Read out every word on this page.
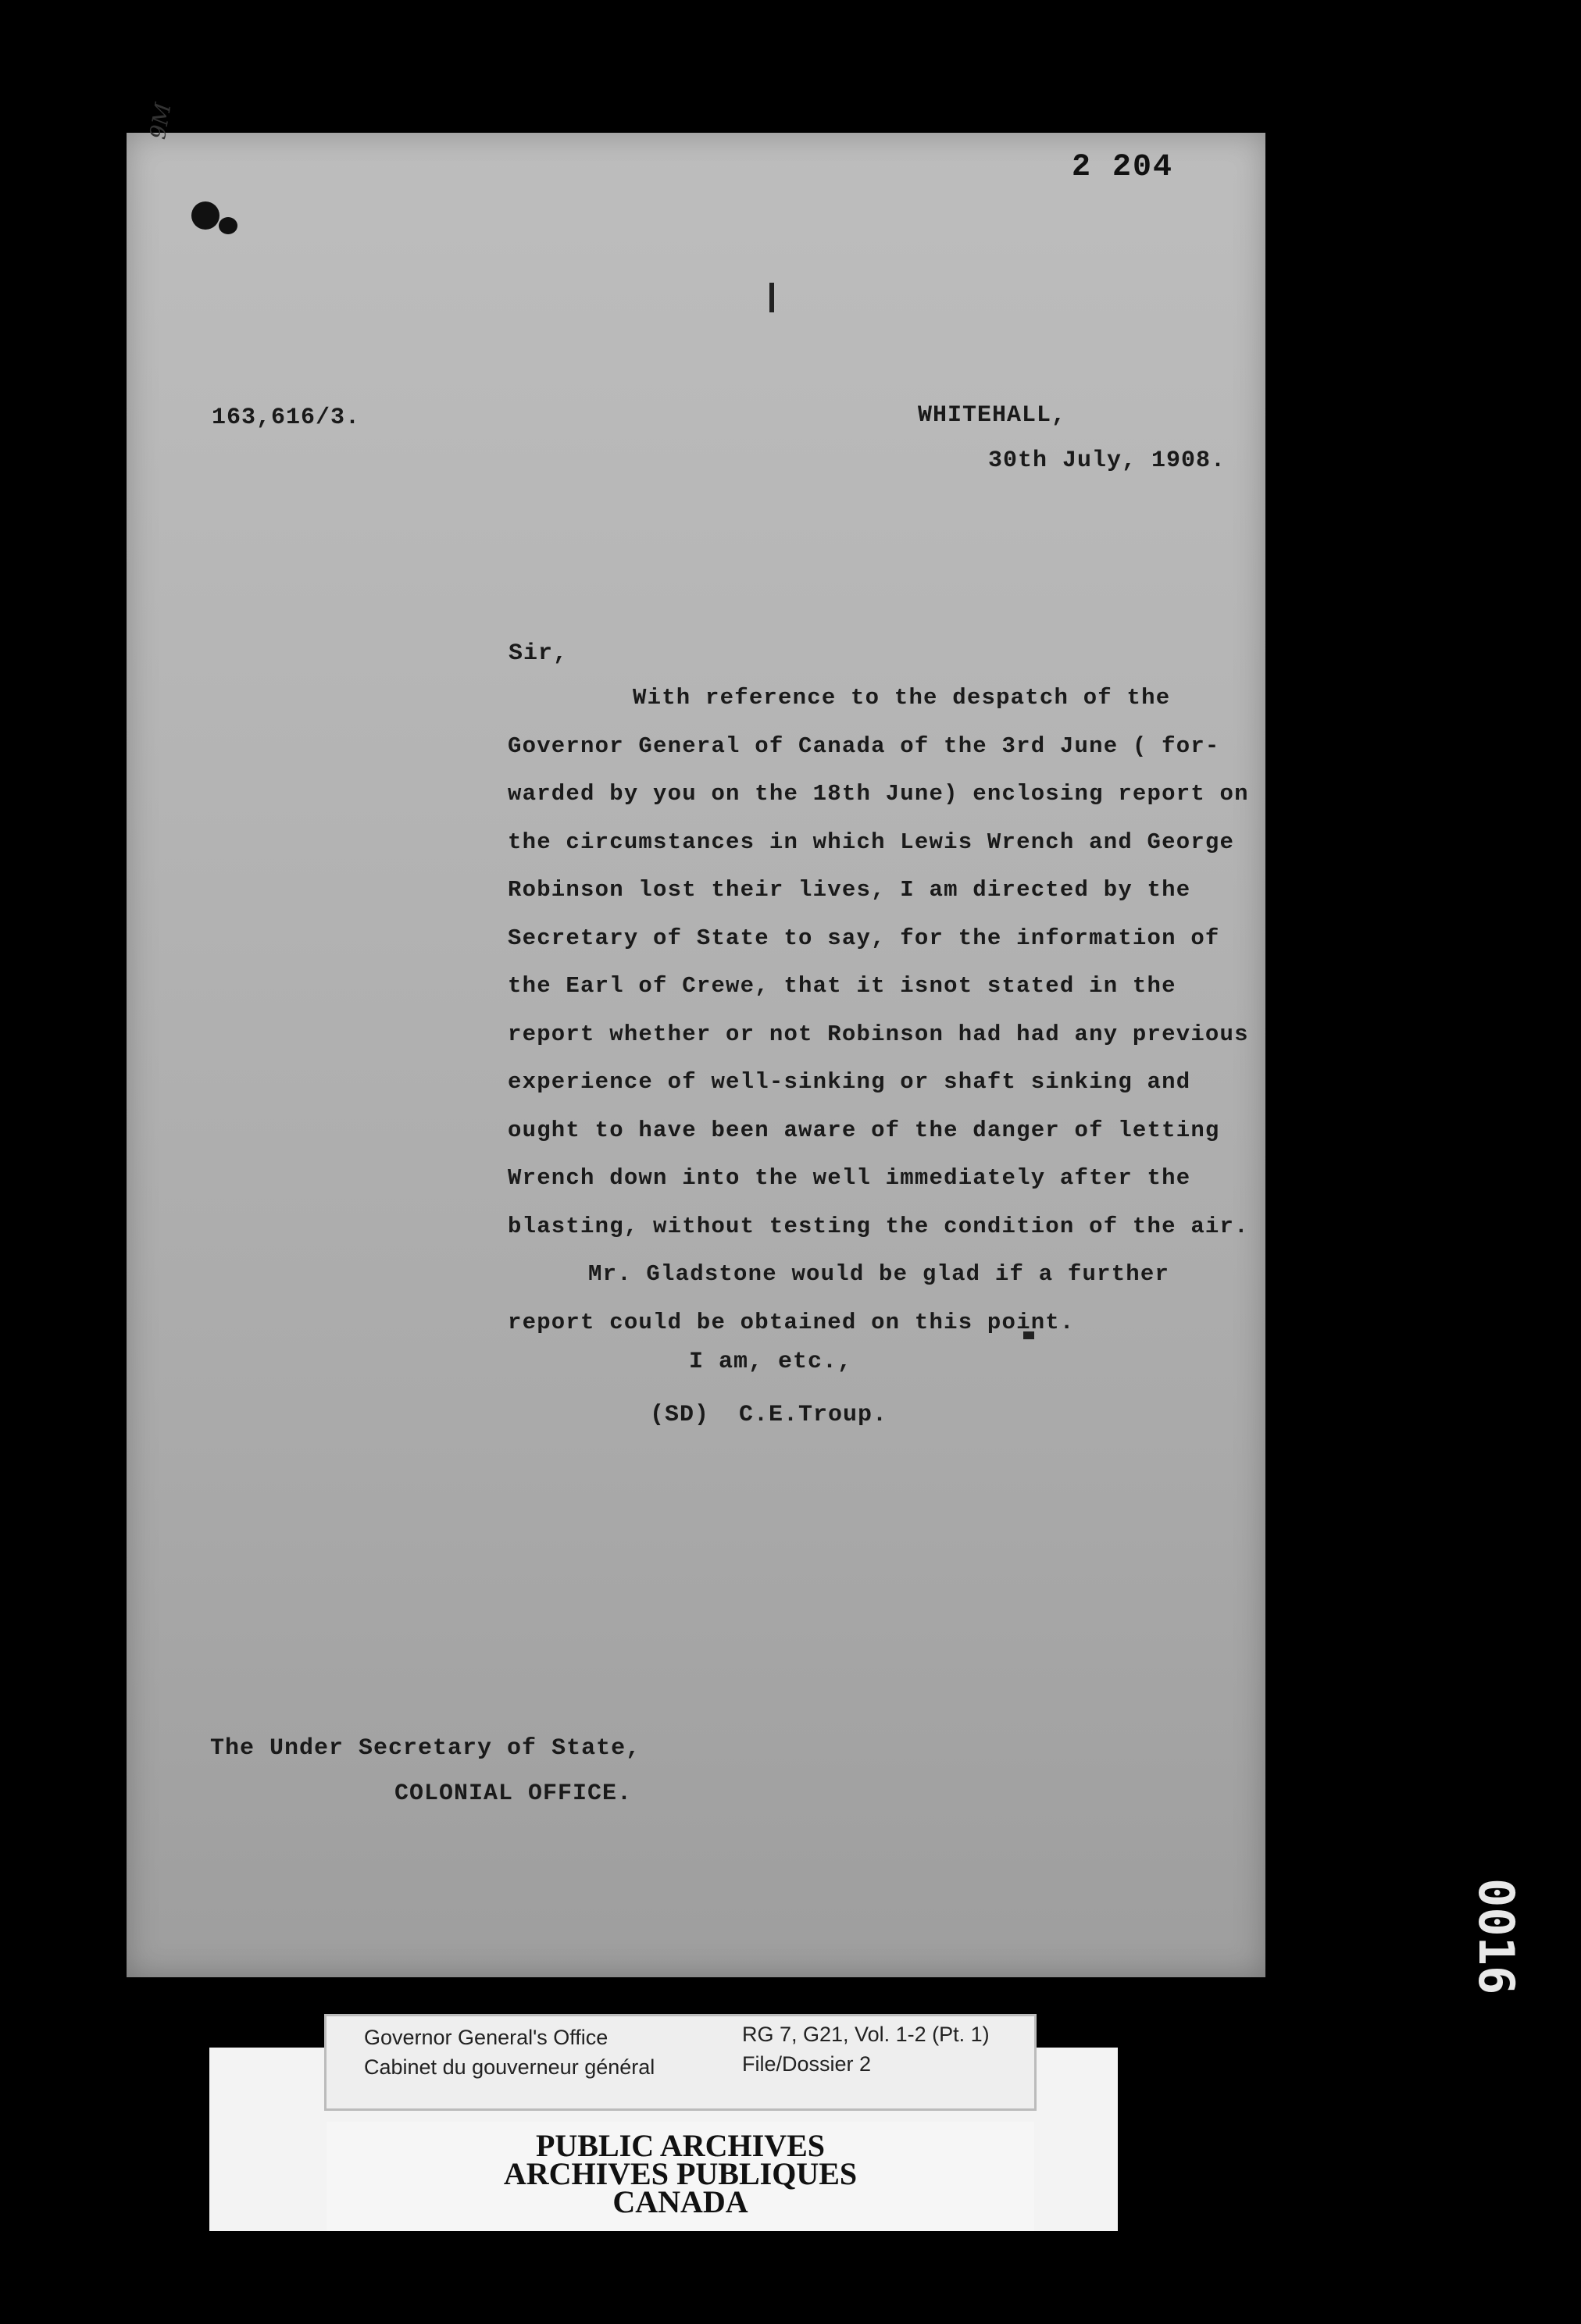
9M
2 204
163,616/3.	WHITEHALL,
30th July, 1908.
Sir,
With reference to the despatch of the
Governor General of Canada of the 3rd June ( for-
warded by you on the 18th June) enclosing report on
the circumstances in which Lewis Wrench and George
Robinson lost their lives, I am directed by the
Secretary of State to say, for the information of
the Earl of Crewe, that it isnot stated in the
report whether or not Robinson had had any previous
experience of well-sinking or shaft sinking and
ought to have been aware of the danger of letting
Wrench down into the well immediately after the
blasting, without testing the condition of the air.
Mr. Gladstone would be glad if a further
report could be obtained on this point.
I am, etc.,
(SD)  C.E.Troup.
The Under Secretary of State,
COLONIAL OFFICE.
PUBLIC ARCHIVES
ARCHIVES PUBLIQUES
CANADA
Governor General's Office
Cabinet du gouverneur général
RG 7, G21, Vol. 1-2 (Pt. 1)
File/Dossier 2
0016
